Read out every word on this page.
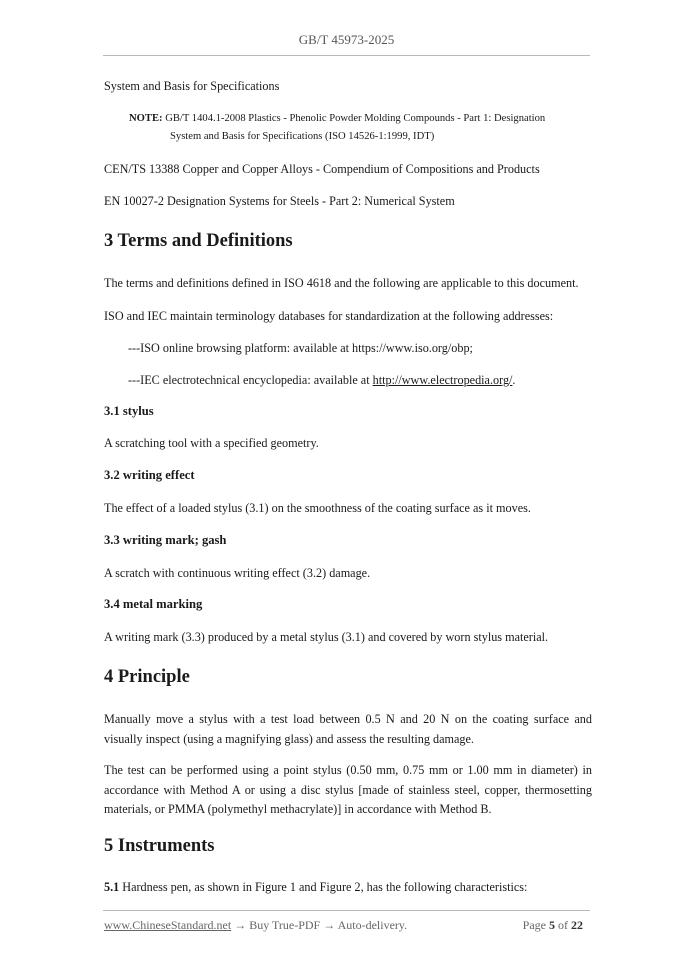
GB/T 45973-2025
System and Basis for Specifications
NOTE: GB/T 1404.1-2008 Plastics - Phenolic Powder Molding Compounds - Part 1: Designation
System and Basis for Specifications (ISO 14526-1:1999, IDT)
CEN/TS 13388 Copper and Copper Alloys - Compendium of Compositions and Products
EN 10027-2 Designation Systems for Steels - Part 2: Numerical System
3 Terms and Definitions
The terms and definitions defined in ISO 4618 and the following are applicable to this document.
ISO and IEC maintain terminology databases for standardization at the following addresses:
---ISO online browsing platform: available at https://www.iso.org/obp;
---IEC electrotechnical encyclopedia: available at http://www.electropedia.org/.
3.1 stylus
A scratching tool with a specified geometry.
3.2 writing effect
The effect of a loaded stylus (3.1) on the smoothness of the coating surface as it moves.
3.3 writing mark; gash
A scratch with continuous writing effect (3.2) damage.
3.4 metal marking
A writing mark (3.3) produced by a metal stylus (3.1) and covered by worn stylus material.
4 Principle
Manually move a stylus with a test load between 0.5 N and 20 N on the coating surface and visually inspect (using a magnifying glass) and assess the resulting damage.
The test can be performed using a point stylus (0.50 mm, 0.75 mm or 1.00 mm in diameter) in accordance with Method A or using a disc stylus [made of stainless steel, copper, thermosetting materials, or PMMA (polymethyl methacrylate)] in accordance with Method B.
5 Instruments
5.1 Hardness pen, as shown in Figure 1 and Figure 2, has the following characteristics:
www.ChineseStandard.net → Buy True-PDF → Auto-delivery.	Page 5 of 22
